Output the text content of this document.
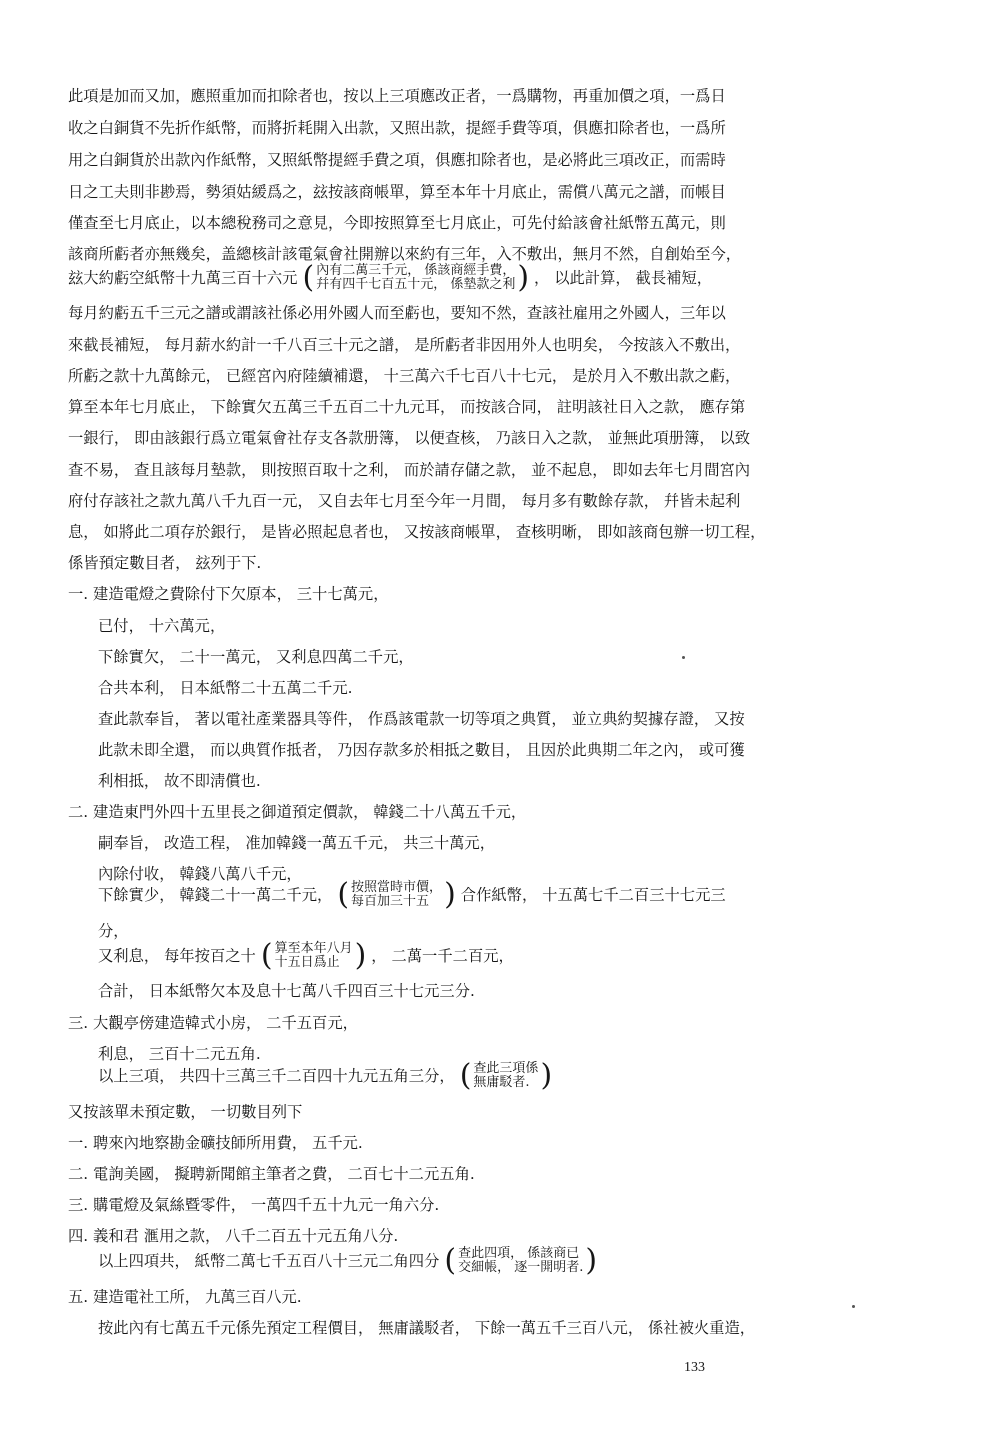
此項是加而又加，應照重加而扣除者也，按以上三項應改正者，一爲購物，再重加價之項，一爲日

收之白銅貨不先折作紙幣，而將折耗開入出款，又照出款，提經手費等項，俱應扣除者也，一爲所

用之白銅貨於出款內作紙幣，又照紙幣提經手費之項，俱應扣除者也，是必將此三項改正，而需時

日之工夫則非尠焉，勢須姑緩爲之，玆按該商帳單，算至本年十月底止，需償八萬元之譜，而帳目

僅查至七月底止，以本總稅務司之意見，今即按照算至七月底止，可先付給該會社紙幣五萬元，則

該商所虧者亦無幾矣，盖總核計該電氣會社開辦以來約有三年，入不敷出，無月不然，自創始至今，

玆大約虧空紙幣十九萬三百十六元 ( 內有二萬三千元， 係該商經手費，
幷有四千七百五十元， 係墊款之利 ) ， 以此計算， 截長補短，

每月約虧五千三元之譜或謂該社係必用外國人而至虧也，要知不然，查該社雇用之外國人，三年以

來截長補短， 每月薪水約計一千八百三十元之譜， 是所虧者非因用外人也明矣， 今按該入不敷出，

所虧之款十九萬餘元， 已經宮內府陸續補還， 十三萬六千七百八十七元， 是於月入不敷出款之虧，

算至本年七月底止， 下餘實欠五萬三千五百二十九元耳， 而按該合同， 註明該社日入之款， 應存第

一銀行， 即由該銀行爲立電氣會社存支各款册簿， 以便查核， 乃該日入之款， 並無此項册簿， 以致

查不易， 查且該每月墊款， 則按照百取十之利， 而於請存儲之款， 並不起息， 即如去年七月間宮內

府付存該社之款九萬八千九百一元， 又自去年七月至今年一月間， 每月多有數餘存款， 幷皆未起利

息， 如將此二項存於銀行， 是皆必照起息者也， 又按該商帳單， 查核明晰， 即如該商包辦一切工程，

係皆預定數目者， 玆列于下.

一. 建造電燈之費除付下欠原本， 三十七萬元，

已付， 十六萬元，

下餘實欠， 二十一萬元， 又利息四萬二千元，

合共本利， 日本紙幣二十五萬二千元.

查此款奉旨， 著以電社產業器具等件， 作爲該電款一切等項之典質， 並立典約契據存證， 又按

此款未即全還， 而以典質作抵者， 乃因存款多於相抵之數目， 且因於此典期二年之內， 或可獲

利相抵， 故不即淸償也.

二. 建造東門外四十五里長之御道預定價款， 韓錢二十八萬五千元，

嗣奉旨， 改造工程， 准加韓錢一萬五千元， 共三十萬元，

內除付收， 韓錢八萬八千元，

下餘實少， 韓錢二十一萬二千元， ( 按照當時市價，
每百加三十五 ) 合作紙幣， 十五萬七千二百三十七元三

分，

又利息， 每年按百之十 ( 算至本年八月
十五日爲止 ) ， 二萬一千二百元，

合計， 日本紙幣欠本及息十七萬八千四百三十七元三分.

三. 大觀亭傍建造韓式小房， 二千五百元，

利息， 三百十二元五角.

以上三項， 共四十三萬三千二百四十九元五角三分， ( 查此三項係
無庸駁者. )

又按該單未預定數， 一切數目列下

一. 聘來內地察勘金礦技師所用費， 五千元.

二. 電詢美國， 擬聘新聞館主筆者之費， 二百七十二元五角.

三. 購電燈及氣絲暨零件， 一萬四千五十九元一角六分.

四. 義和君 滙用之款， 八千二百五十元五角八分.

以上四項共， 紙幣二萬七千五百八十三元二角四分 ( 查此四項， 係該商已
交細帳， 逐一開明者. )

五. 建造電社工所， 九萬三百八元.

按此內有七萬五千元係先預定工程價目， 無庸議駁者， 下餘一萬五千三百八元， 係社被火重造，

133
